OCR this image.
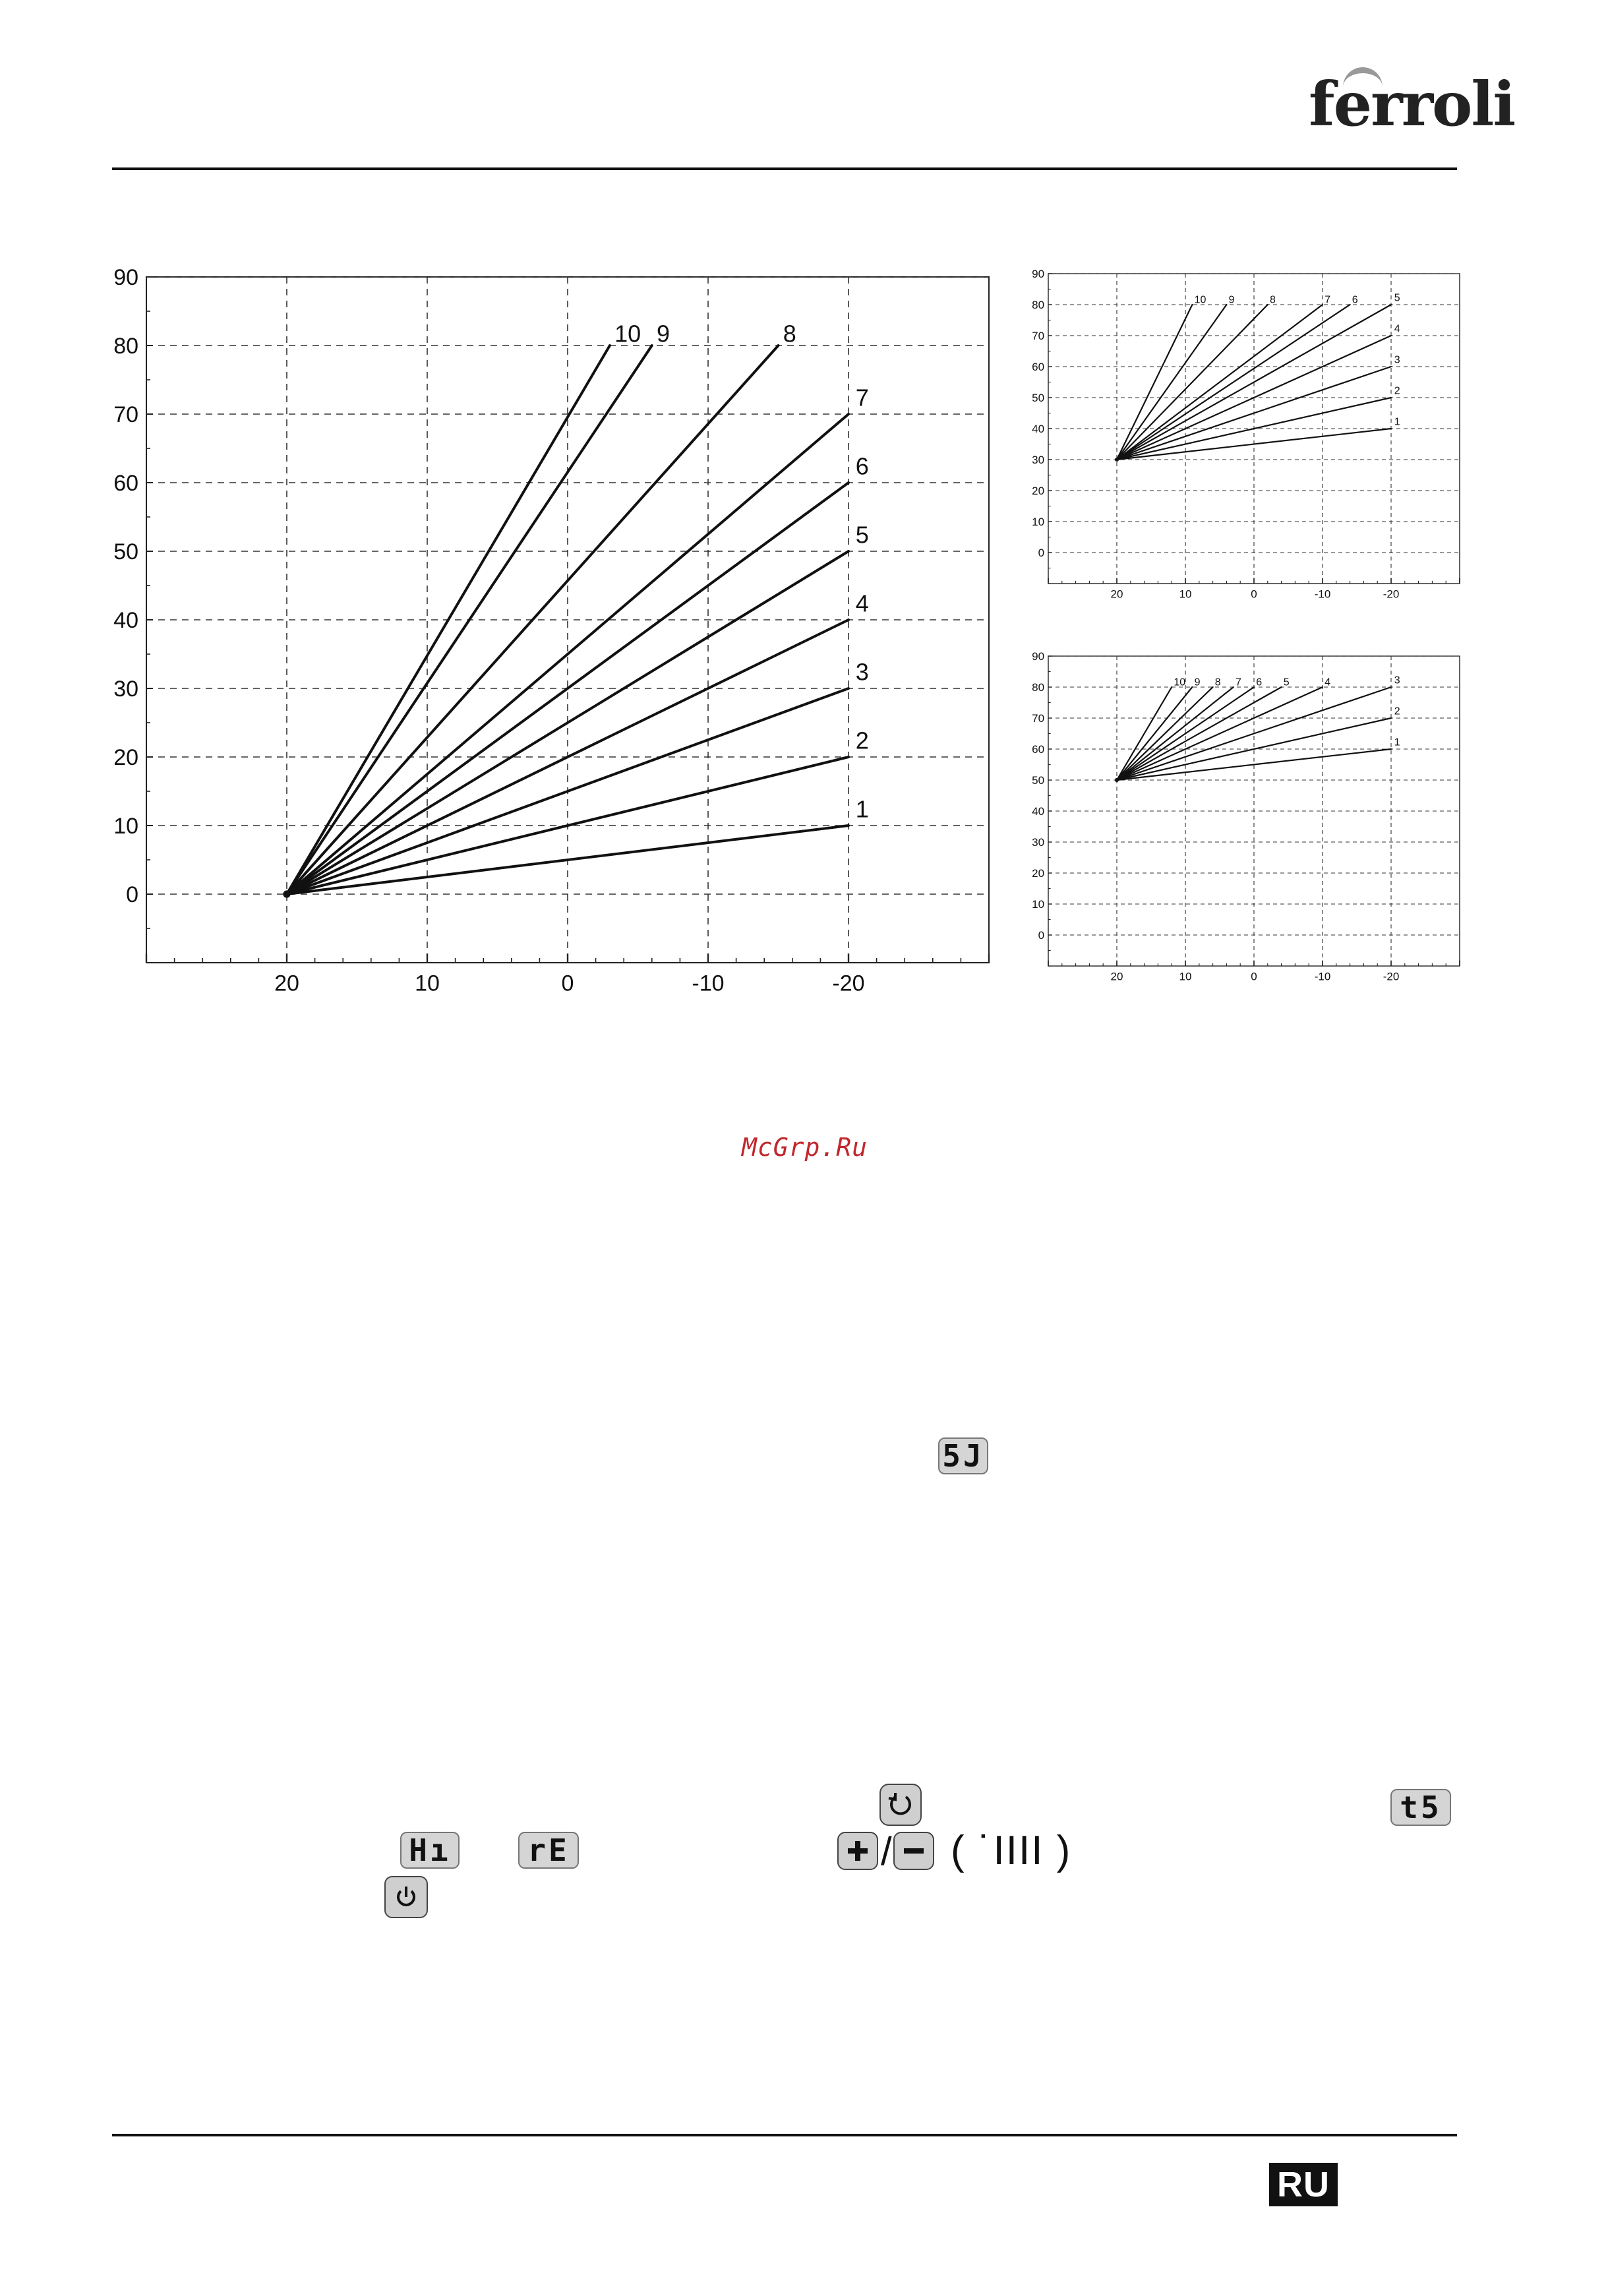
ferroli
90
80
70
60
50
40
30
20
10
0
20	10	0	-10	-20
1
2
3
4
5
6
7
8
9
10
90
80
70
60
50
40
30
20
10
0
20	10	0	-10	-20
1
2
3
4
5
6
7
8
9
10
90
80
70
60
50
40
30
20
10
0
20	10	0	-10	-20
1
2
3
4
5
6
7
8
9
10
McGrp.Ru
5J
t5
Hı	rE	/ ( ˙IIII )
RU
